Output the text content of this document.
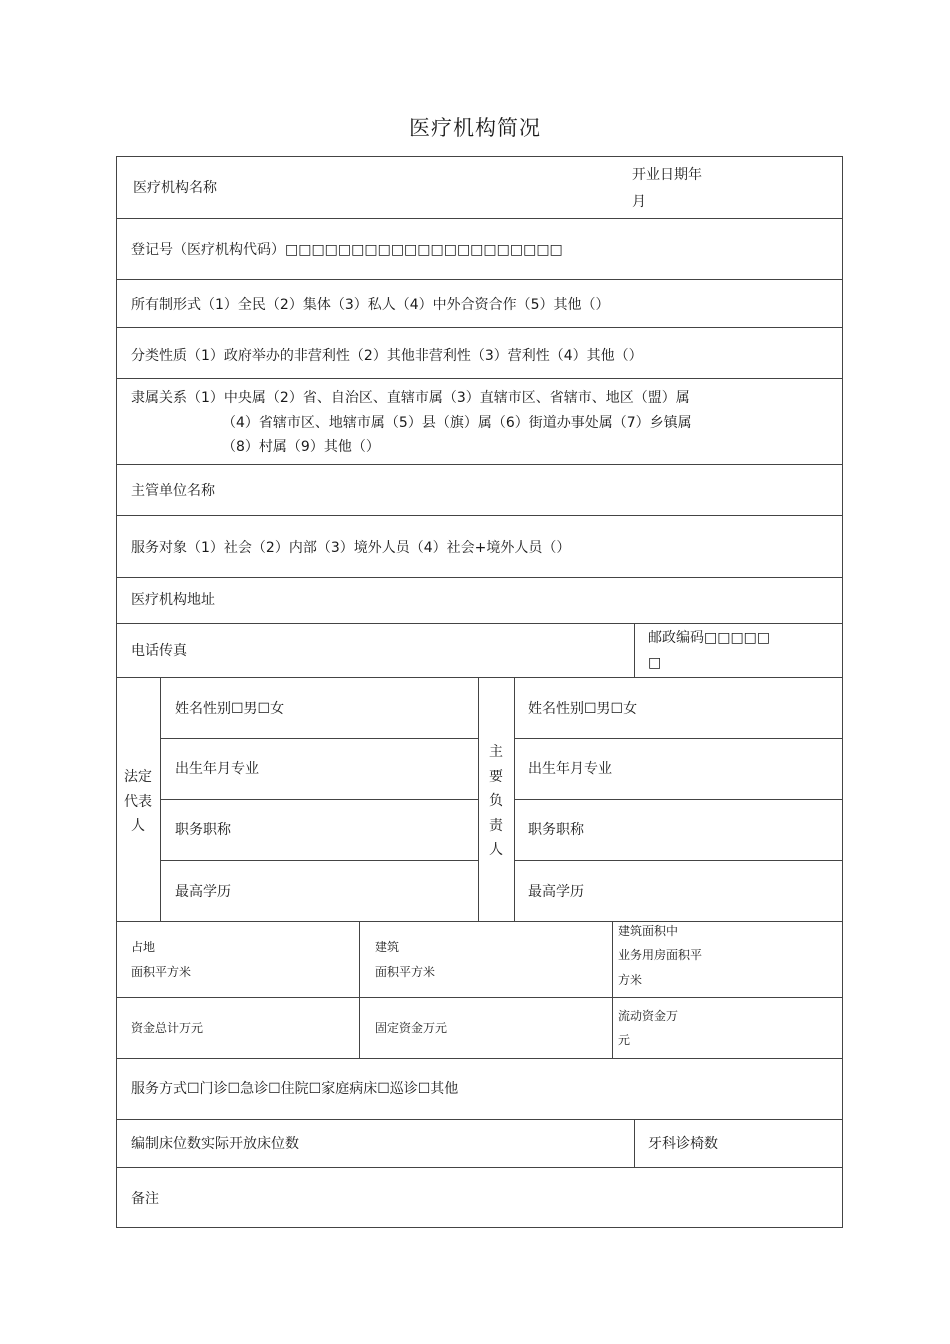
医疗机构简况
医疗机构名称
开业日期年
月
登记号（医疗机构代码）□□□□□□□□□□□□□□□□□□□□□
所有制形式（1）全民（2）集体（3）私人（4）中外合资合作（5）其他（）
分类性质（1）政府举办的非营利性（2）其他非营利性（3）营利性（4）其他（）
隶属关系（1）中央属（2）省、自治区、直辖市属（3）直辖市区、省辖市、地区（盟）属
（4）省辖市区、地辖市属（5）县（旗）属（6）街道办事处属（7）乡镇属
（8）村属（9）其他（）
主管单位名称
服务对象（1）社会（2）内部（3）境外人员（4）社会+境外人员（）
医疗机构地址
电话传真
邮政编码□□□□□
□
法定
代表
人
姓名性别☐男☐女
出生年月专业
职务职称
最高学历
主
要
负
责
人
姓名性别☐男☐女
出生年月专业
职务职称
最高学历
占地
面积平方米
建筑
面积平方米
建筑面积中
业务用房面积平
方米
资金总计万元	固定资金万元
流动资金万
元
服务方式☐门诊☐急诊☐住院☐家庭病床☐巡诊☐其他
编制床位数实际开放床位数	牙科诊椅数
备注
